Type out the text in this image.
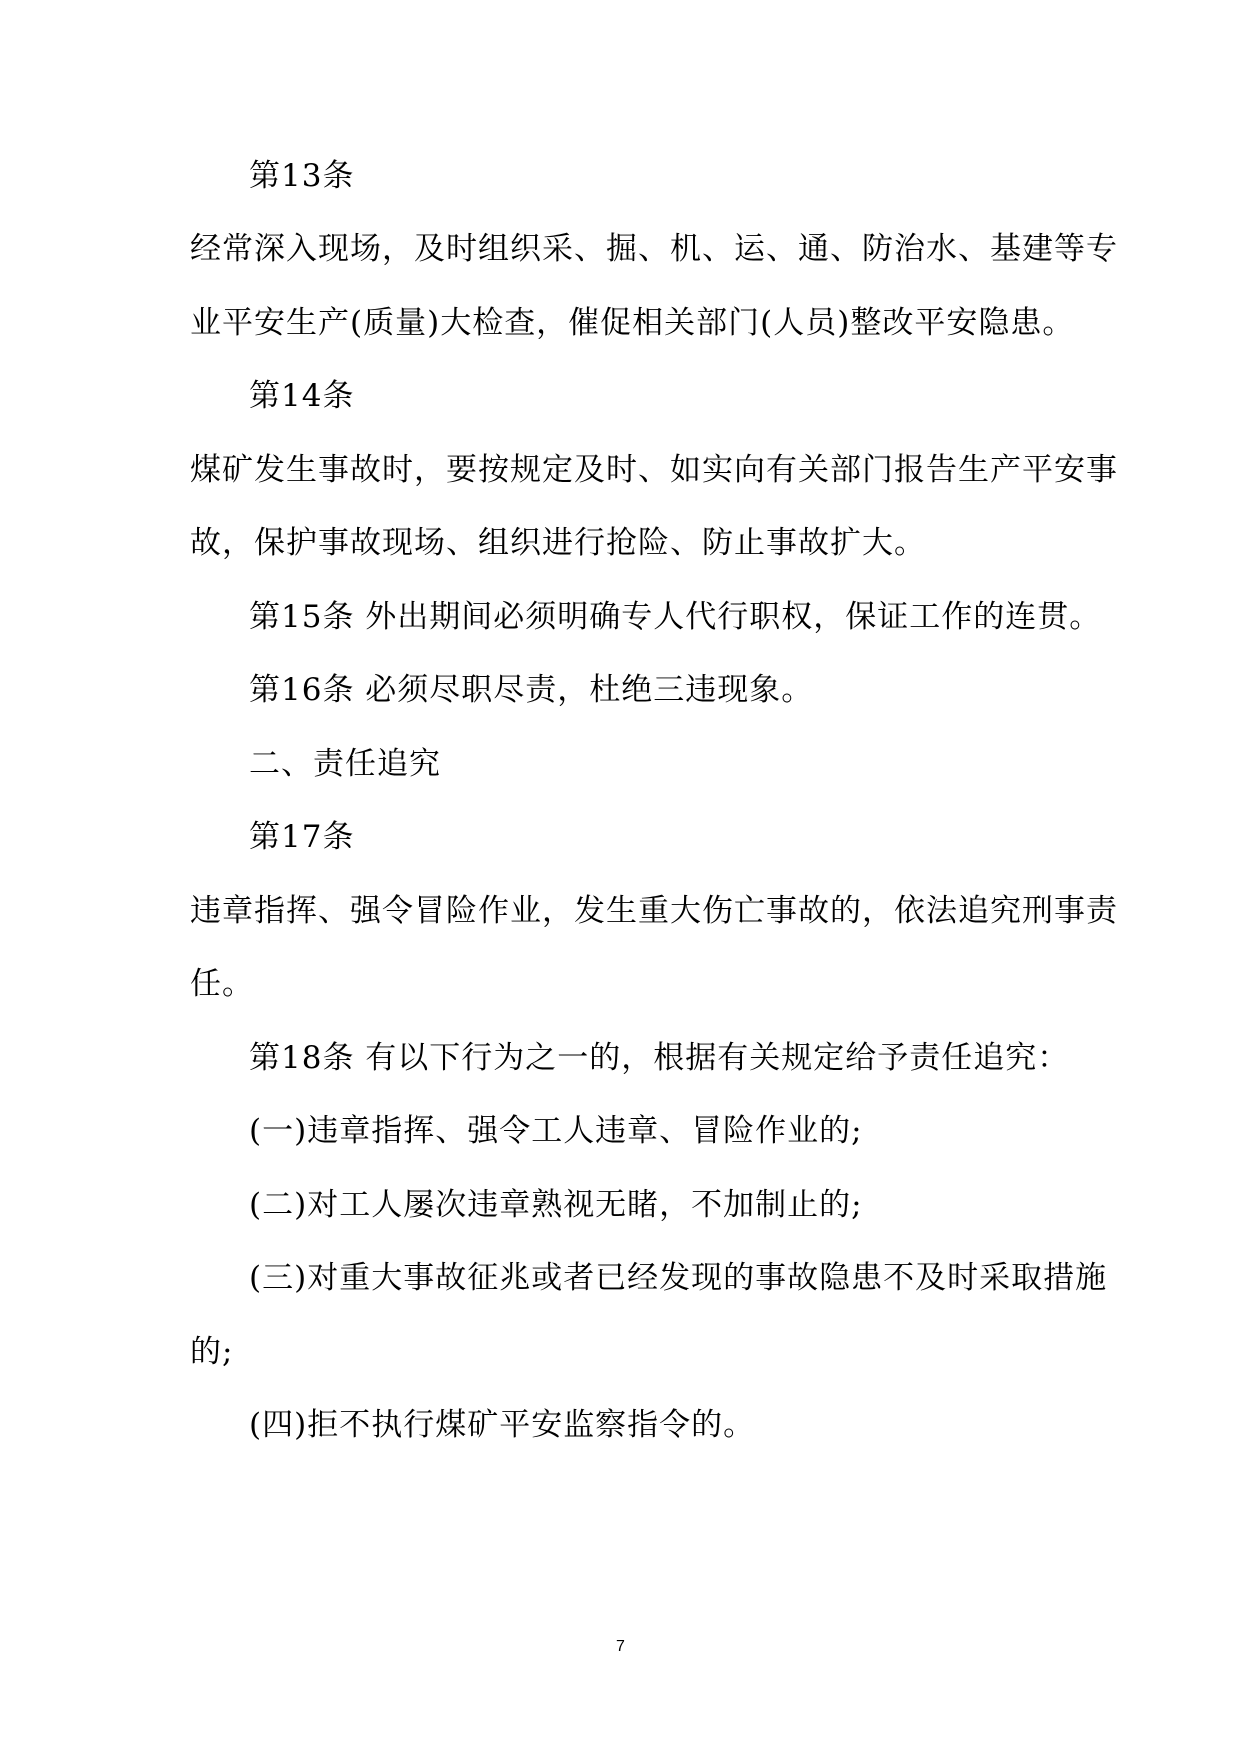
第13条
经常深入现场，及时组织采、掘、机、运、通、防治水、基建等专
业平安生产(质量)大检查，催促相关部门(人员)整改平安隐患。
第14条
煤矿发生事故时，要按规定及时、如实向有关部门报告生产平安事
故，保护事故现场、组织进行抢险、防止事故扩大。
第15条 外出期间必须明确专人代行职权，保证工作的连贯。
第16条 必须尽职尽责，杜绝三违现象。
二、责任追究
第17条
违章指挥、强令冒险作业，发生重大伤亡事故的，依法追究刑事责
任。
第18条 有以下行为之一的，根据有关规定给予责任追究：
(一)违章指挥、强令工人违章、冒险作业的;
(二)对工人屡次违章熟视无睹，不加制止的;
(三)对重大事故征兆或者已经发现的事故隐患不及时采取措施
的;
(四)拒不执行煤矿平安监察指令的。
7
